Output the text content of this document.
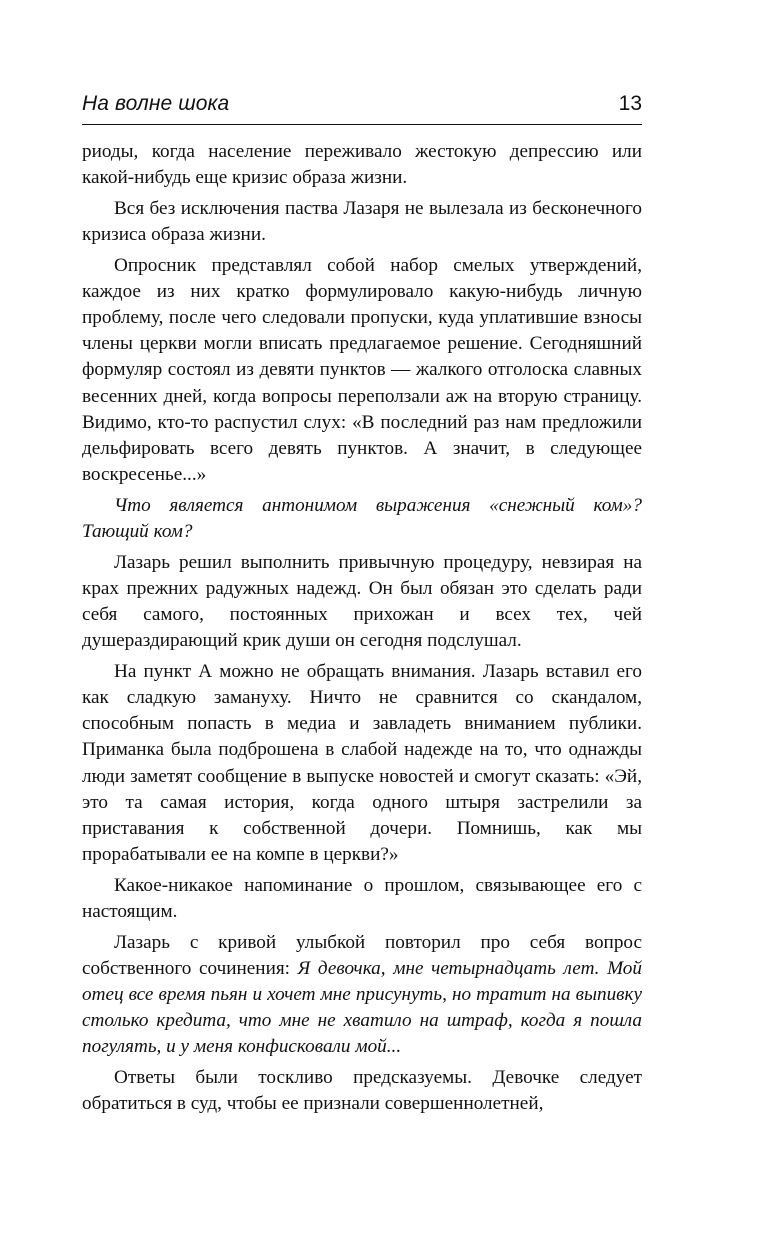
На волне шока	13

риоды, когда население переживало жестокую депрессию или какой-нибудь еще кризис образа жизни.

Вся без исключения паства Лазаря не вылезала из бесконечного кризиса образа жизни.

Опросник представлял собой набор смелых утверждений, каждое из них кратко формулировало какую-нибудь личную проблему, после чего следовали пропуски, куда уплатившие взносы члены церкви могли вписать предлагаемое решение. Сегодняшний формуляр состоял из девяти пунктов — жалкого отголоска славных весенних дней, когда вопросы переползали аж на вторую страницу. Видимо, кто-то распустил слух: «В последний раз нам предложили дельфировать всего девять пунктов. А значит, в следующее воскресенье...»

Что является антонимом выражения «снежный ком»? Тающий ком?

Лазарь решил выполнить привычную процедуру, невзирая на крах прежних радужных надежд. Он был обязан это сделать ради себя самого, постоянных прихожан и всех тех, чей душераздирающий крик души он сегодня подслушал.

На пункт А можно не обращать внимания. Лазарь вставил его как сладкую замануху. Ничто не сравнится со скандалом, способным попасть в медиа и завладеть вниманием публики. Приманка была подброшена в слабой надежде на то, что однажды люди заметят сообщение в выпуске новостей и смогут сказать: «Эй, это та самая история, когда одного штыря застрелили за приставания к собственной дочери. Помнишь, как мы прорабатывали ее на компе в церкви?»

Какое-никакое напоминание о прошлом, связывающее его с настоящим.

Лазарь с кривой улыбкой повторил про себя вопрос собственного сочинения: Я девочка, мне четырнадцать лет. Мой отец все время пьян и хочет мне присунуть, но тратит на выпивку столько кредита, что мне не хватило на штраф, когда я пошла погулять, и у меня конфисковали мой...

Ответы были тоскливо предсказуемы. Девочке следует обратиться в суд, чтобы ее признали совершеннолетней,
